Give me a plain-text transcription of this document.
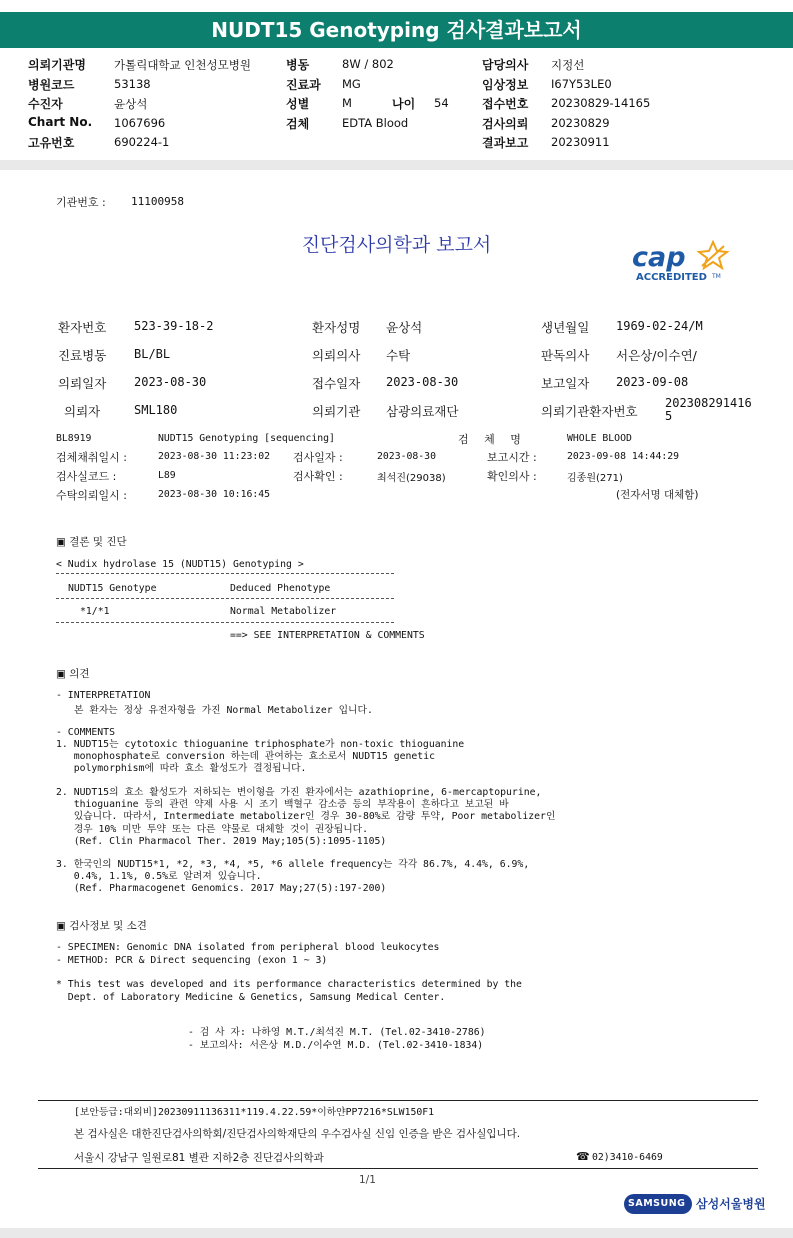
NUDT15 Genotyping 검사결과보고서
의뢰기관명 가톨릭대학교 인천성모병원
병원코드	53138
수진자	윤상석
Chart No. 1067696
고유번호	690224-1
병동	8W / 802
진료과 MG
성별	M	나이 54
검체	EDTA Blood
담당의사 지정선
임상정보 I67Y53LE0
접수번호 20230829-14165
검사의뢰 20230829
결과보고 20230911
기관번호 : 11100958
진단검사의학과 보고서	cap
ACCREDITED TM
환자번호 523-39-18-2	환자성명 윤상석	생년월일 1969-02-24/M
진료병동 BL/BL	의뢰의사 수탁	판독의사 서은상/이수연/
의뢰일자 2023-08-30	접수일자 2023-08-30	보고일자 2023-09-08
의뢰자	SML180	의뢰기관 삼광의료재단	의뢰기관환자번호
202308291416
5
BL8919	NUDT15 Genotyping [sequencing]	검 체 명	WHOLE BLOOD
검체채취일시 :	2023-08-30 11:23:02 검사일자 :	2023-08-30	보고시간 :	2023-09-08 14:44:29
검사실코드 :	L89	검사확인 :	최석진(29038)	확인의사 :	김종원(271)
수탁의뢰일시 :	2023-08-30 10:16:45	(전자서명 대체함)
▣ 결론 및 진단
< Nudix hydrolase 15 (NUDT15) Genotyping >
NUDT15 Genotype	Deduced Phenotype
*1/*1	Normal Metabolizer
==> SEE INTERPRETATION & COMMENTS
▣ 의견
- INTERPRETATION
본 환자는 정상 유전자형을 가진 Normal Metabolizer 입니다.
- COMMENTS
1. NUDT15는 cytotoxic thioguanine triphosphate가 non-toxic thioguanine
monophosphate로 conversion 하는데 관여하는 효소로서 NUDT15 genetic
polymorphism에 따라 효소 활성도가 결정됩니다.
2. NUDT15의 효소 활성도가 저하되는 변이형을 가진 환자에서는 azathioprine, 6-mercaptopurine,
thioguanine 등의 관련 약제 사용 시 조기 백혈구 감소증 등의 부작용이 흔하다고 보고된 바
있습니다. 따라서, Intermediate metabolizer인 경우 30-80%로 감량 투약, Poor metabolizer인
경우 10% 미만 투약 또는 다른 약물로 대체할 것이 권장됩니다.
(Ref. Clin Pharmacol Ther. 2019 May;105(5):1095-1105)
3. 한국인의 NUDT15*1, *2, *3, *4, *5, *6 allele frequency는 각각 86.7%, 4.4%, 6.9%,
0.4%, 1.1%, 0.5%로 알려져 있습니다.
(Ref. Pharmacogenet Genomics. 2017 May;27(5):197-200)
▣ 검사정보 및 소견
- SPECIMEN: Genomic DNA isolated from peripheral blood leukocytes
- METHOD: PCR & Direct sequencing (exon 1 ~ 3)
* This test was developed and its performance characteristics determined by the
Dept. of Laboratory Medicine & Genetics, Samsung Medical Center.
- 검 사 자: 나하영 M.T./최석진 M.T. (Tel.02-3410-2786)
- 보고의사: 서은상 M.D./이수연 M.D. (Tel.02-3410-1834)
[보안등급:대외비]20230911136311*119.4.22.59*이하얀PP7216*SLW150F1
본 검사실은 대한진단검사의학회/진단검사의학재단의 우수검사실 신임 인증을 받은 검사실입니다.
서울시 강남구 일원로81 별관 지하2층 진단검사의학과	☎ 02)3410-6469
1/1
SAMSUNG 삼성서울병원
